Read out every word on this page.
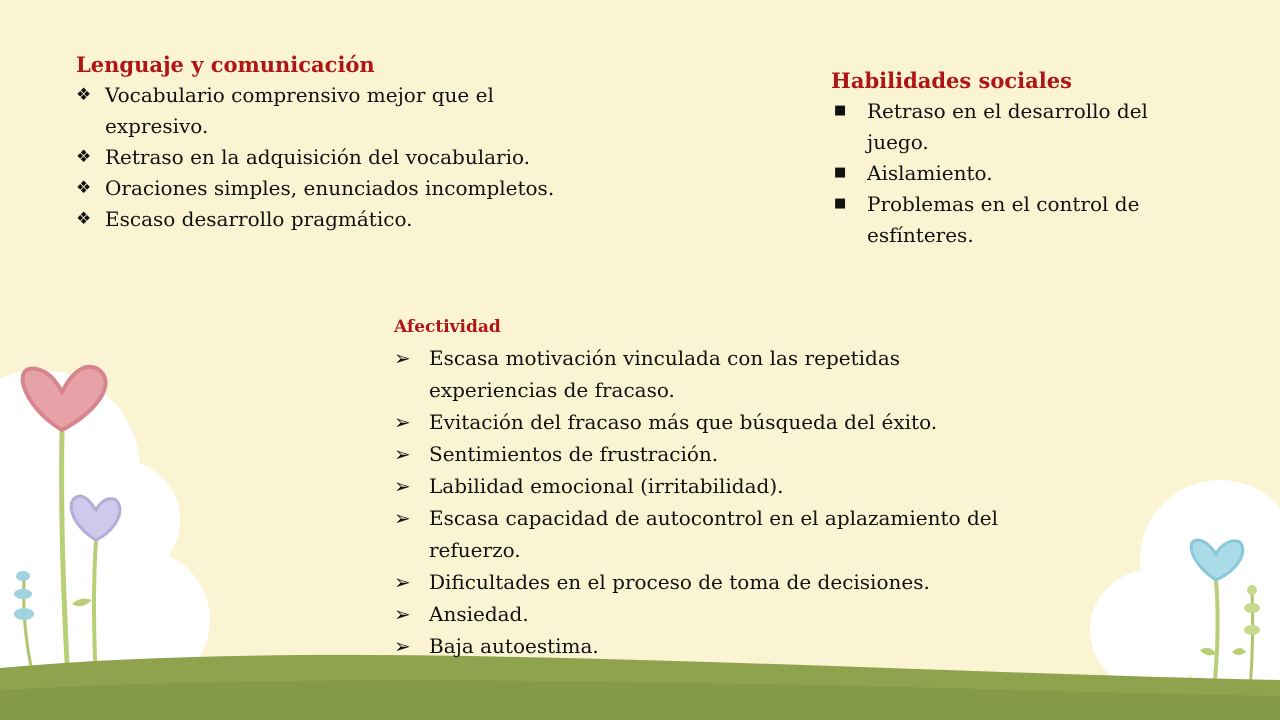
Lenguaje y comunicación
❖ Vocabulario comprensivo mejor que el expresivo.
❖ Retraso en la adquisición del vocabulario.
❖ Oraciones simples, enunciados incompletos.
❖ Escaso desarrollo pragmático.
Habilidades sociales
■ Retraso en el desarrollo del juego.
■ Aislamiento.
■ Problemas en el control de esfínteres.
Afectividad
➢ Escasa motivación vinculada con las repetidas experiencias de fracaso.
➢ Evitación del fracaso más que búsqueda del éxito.
➢ Sentimientos de frustración.
➢ Labilidad emocional (irritabilidad).
➢ Escasa capacidad de autocontrol en el aplazamiento del refuerzo.
➢ Dificultades en el proceso de toma de decisiones.
➢ Ansiedad.
➢ Baja autoestima.
